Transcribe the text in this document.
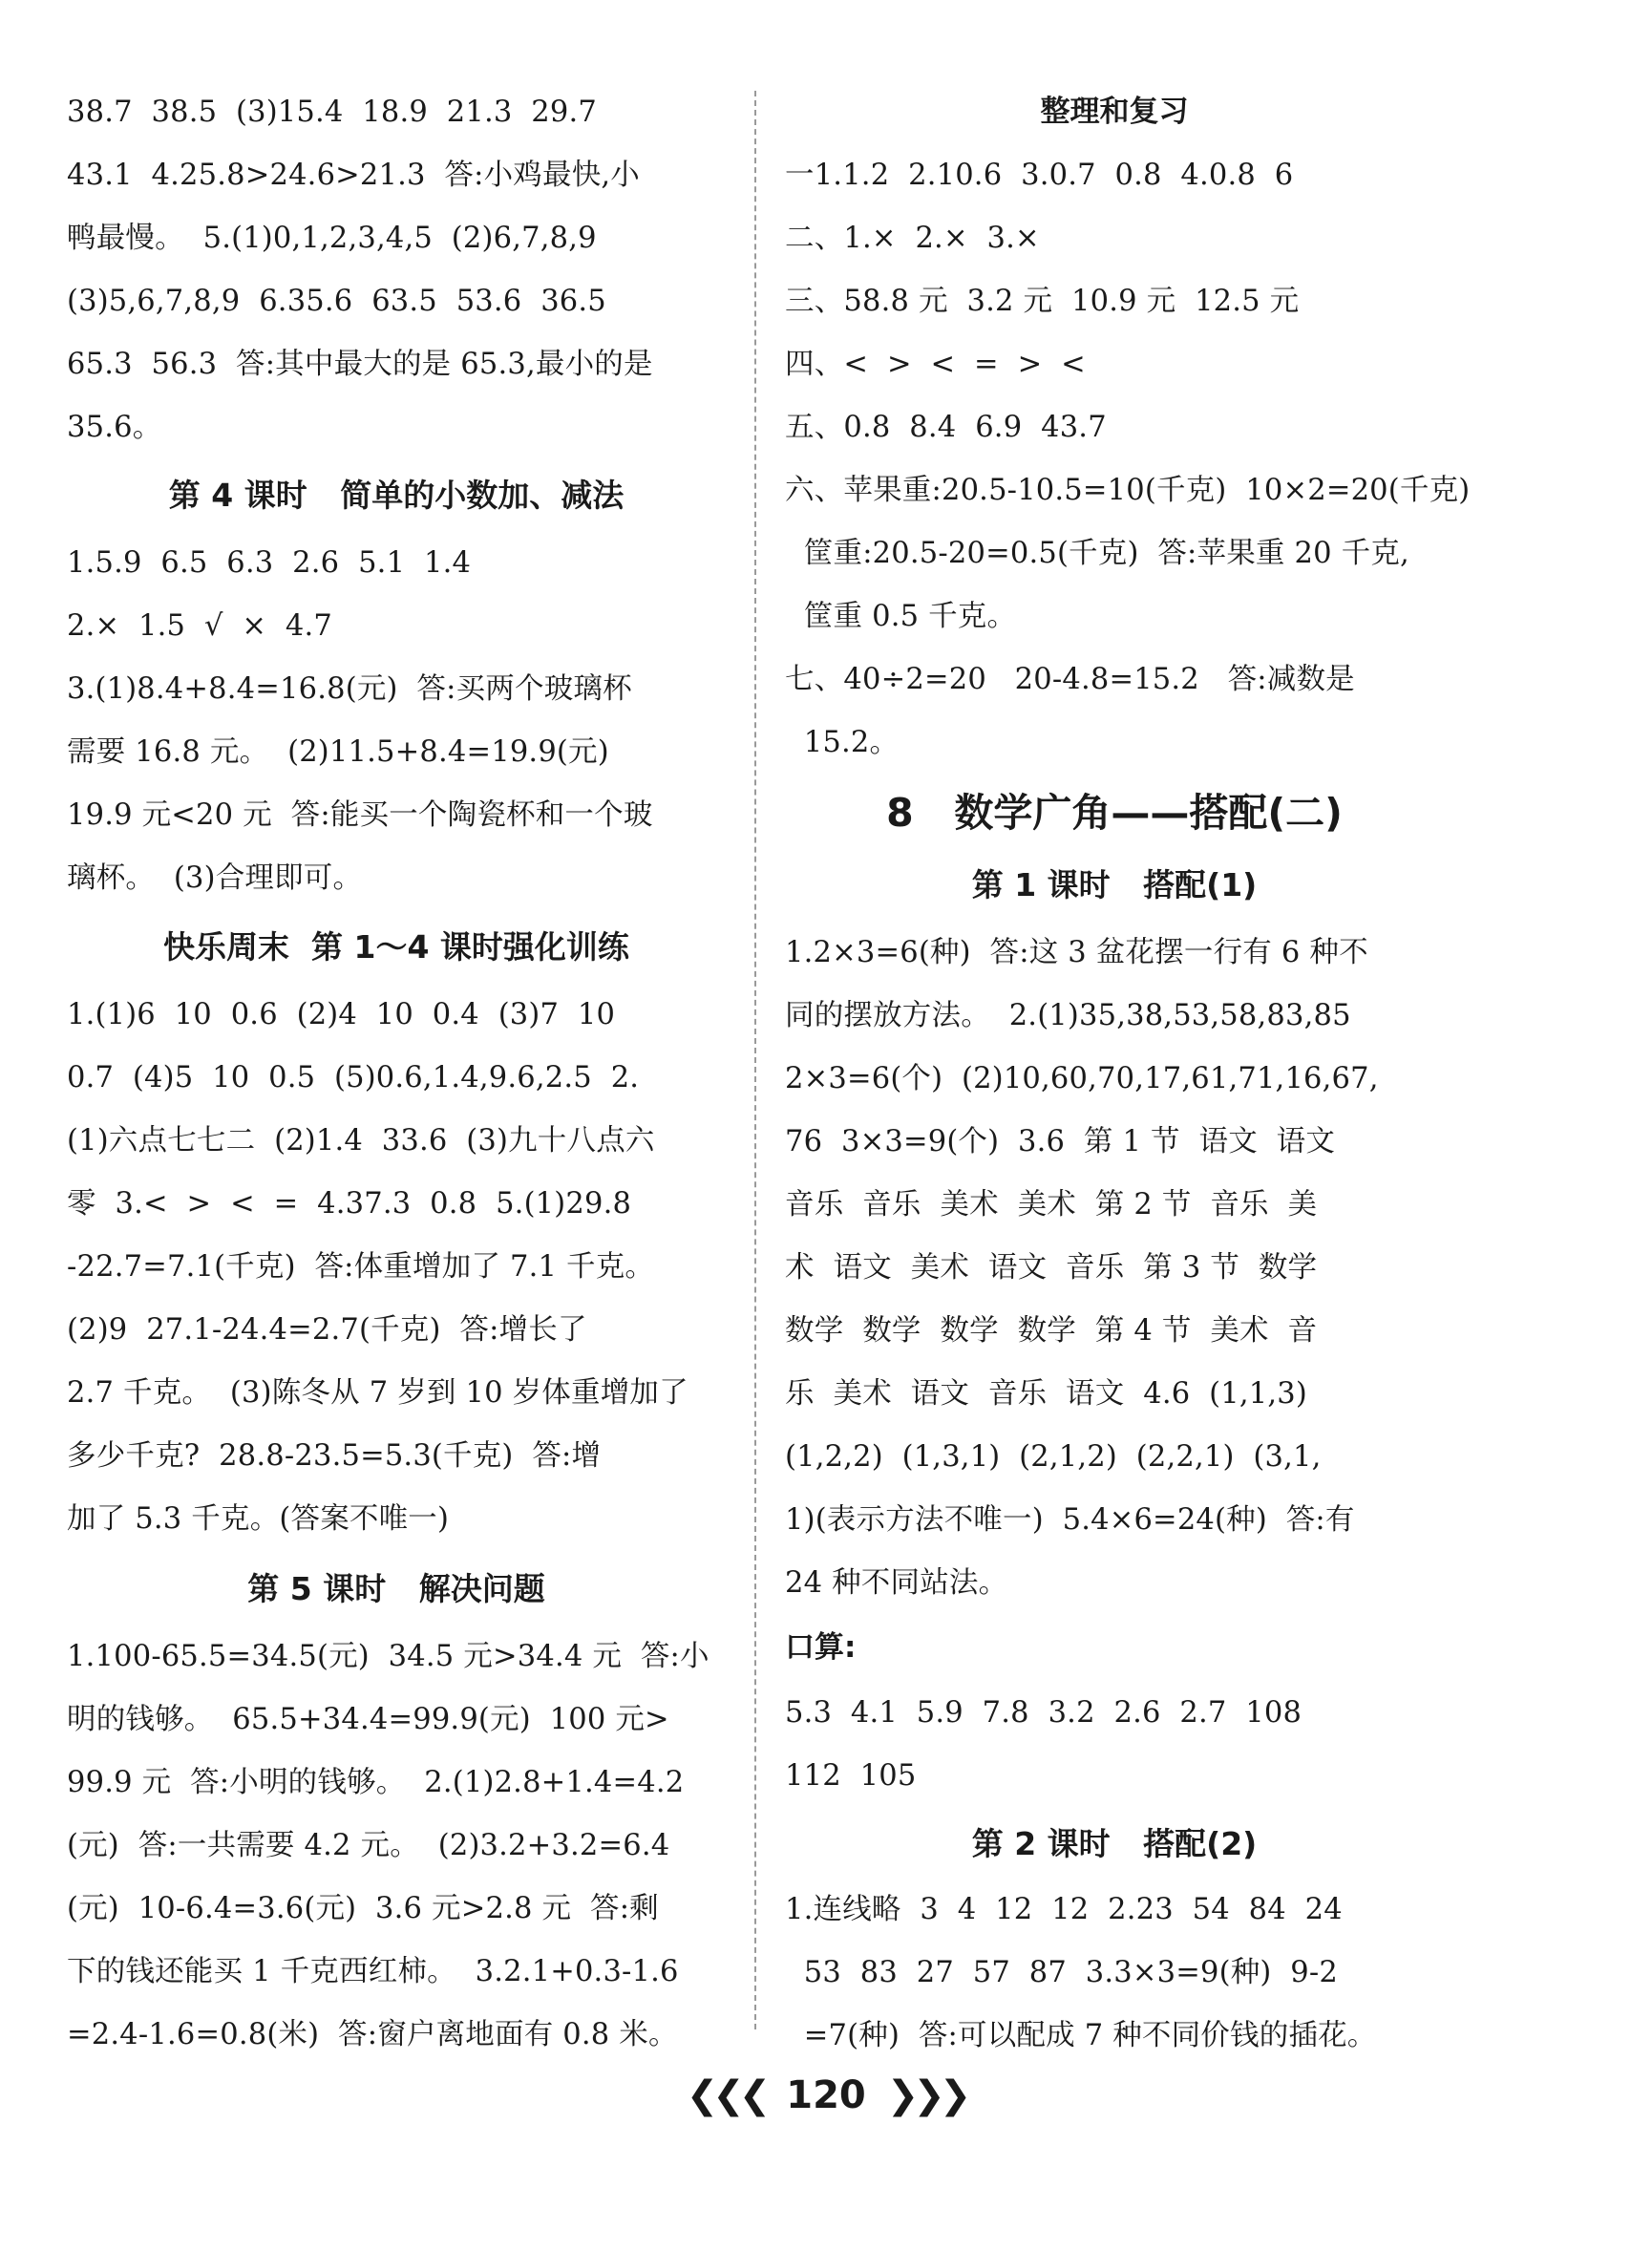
38.7  38.5  (3)15.4  18.9  21.3  29.7
43.1  4.25.8>24.6>21.3  答:小鸡最快,小
鸭最慢。  5.(1)0,1,2,3,4,5  (2)6,7,8,9
(3)5,6,7,8,9  6.35.6  63.5  53.6  36.5
65.3  56.3  答:其中最大的是 65.3,最小的是
35.6。
第 4 课时   简单的小数加、减法
1.5.9  6.5  6.3  2.6  5.1  1.4
2.×  1.5  √  ×  4.7
3.(1)8.4+8.4=16.8(元)  答:买两个玻璃杯
需要 16.8 元。  (2)11.5+8.4=19.9(元)
19.9 元<20 元  答:能买一个陶瓷杯和一个玻
璃杯。  (3)合理即可。
快乐周末  第 1～4 课时强化训练
1.(1)6  10  0.6  (2)4  10  0.4  (3)7  10
0.7  (4)5  10  0.5  (5)0.6,1.4,9.6,2.5  2.
(1)六点七七二  (2)1.4  33.6  (3)九十八点六
零  3.<  >  <  =  4.37.3  0.8  5.(1)29.8
-22.7=7.1(千克)  答:体重增加了 7.1 千克。
(2)9  27.1-24.4=2.7(千克)  答:增长了
2.7 千克。  (3)陈冬从 7 岁到 10 岁体重增加了
多少千克?  28.8-23.5=5.3(千克)  答:增
加了 5.3 千克。(答案不唯一)
第 5 课时   解决问题
1.100-65.5=34.5(元)  34.5 元>34.4 元  答:小
明的钱够。  65.5+34.4=99.9(元)  100 元>
99.9 元  答:小明的钱够。  2.(1)2.8+1.4=4.2
(元)  答:一共需要 4.2 元。  (2)3.2+3.2=6.4
(元)  10-6.4=3.6(元)  3.6 元>2.8 元  答:剩
下的钱还能买 1 千克西红柿。  3.2.1+0.3-1.6
=2.4-1.6=0.8(米)  答:窗户离地面有 0.8 米。
整理和复习
一1.1.2  2.10.6  3.0.7  0.8  4.0.8  6
二、1.×  2.×  3.×
三、58.8 元  3.2 元  10.9 元  12.5 元
四、<  >  <  =  >  <
五、0.8  8.4  6.9  43.7
六、苹果重:20.5-10.5=10(千克)  10×2=20(千克)
筐重:20.5-20=0.5(千克)  答:苹果重 20 千克,
筐重 0.5 千克。
七、40÷2=20   20-4.8=15.2   答:减数是
15.2。
8   数学广角——搭配(二)
第 1 课时   搭配(1)
1.2×3=6(种)  答:这 3 盆花摆一行有 6 种不
同的摆放方法。  2.(1)35,38,53,58,83,85
2×3=6(个)  (2)10,60,70,17,61,71,16,67,
76  3×3=9(个)  3.6  第 1 节  语文  语文
音乐  音乐  美术  美术  第 2 节  音乐  美
术  语文  美术  语文  音乐  第 3 节  数学
数学  数学  数学  数学  第 4 节  美术  音
乐  美术  语文  音乐  语文  4.6  (1,1,3)
(1,2,2)  (1,3,1)  (2,1,2)  (2,2,1)  (3,1,
1)(表示方法不唯一)  5.4×6=24(种)  答:有
24 种不同站法。
口算:
5.3  4.1  5.9  7.8  3.2  2.6  2.7  108
112  105
第 2 课时   搭配(2)
1.连线略  3  4  12  12  2.23  54  84  24
53  83  27  57  87  3.3×3=9(种)  9-2
=7(种)  答:可以配成 7 种不同价钱的插花。
❮❮❮ 120 ❯❯❯
